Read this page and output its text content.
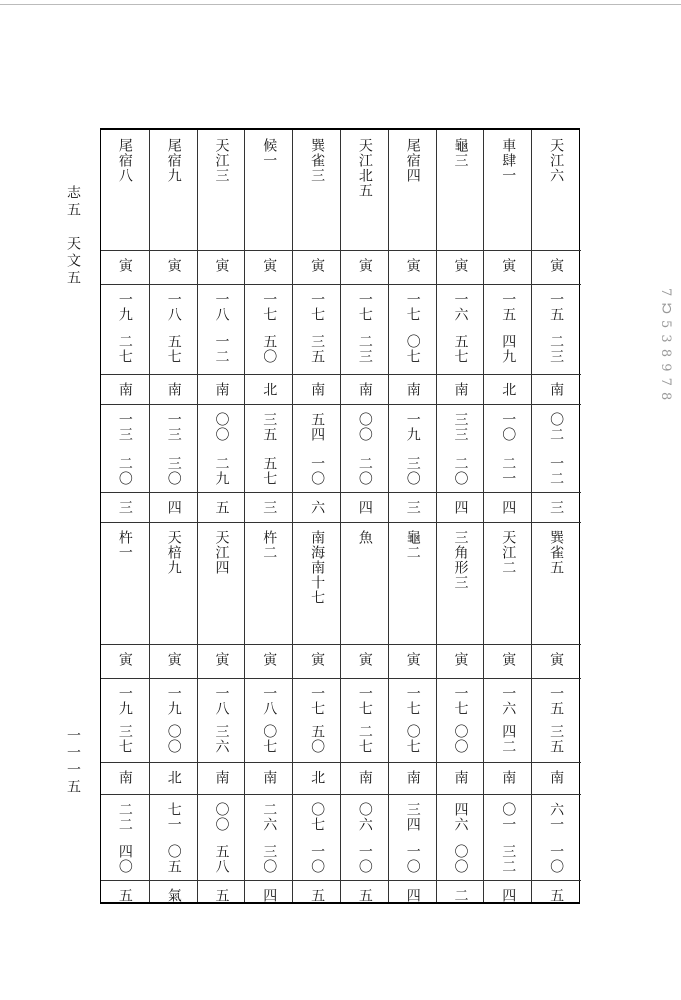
志五　天文五
一一一五
7 𝈀 5 3 8 9 7 8
天江六
寅
一五
二三
南
〇二
一二
三
巽雀五
寅
一五
三五
南
六一
一〇
五
車肆一
寅
一五
四九
北
一〇
二一
四
天江二
寅
一六
四二
南
〇一
三二
四
龜三
寅
一六
五七
南
三三
二〇
四
三角形三
寅
一七
〇〇
南
四六
〇〇
二
尾宿四
寅
一七
〇七
南
一九
三〇
三
龜二
寅
一七
〇七
南
三四
一〇
四
天江北五
寅
一七
二三
南
〇〇
二〇
四
魚
寅
一七
二七
南
〇六
一〇
五
巽雀三
寅
一七
三五
南
五四
一〇
六
南海南十七
寅
一七
五〇
北
〇七
一〇
五
候一
寅
一七
五〇
北
三五
五七
三
杵二
寅
一八
〇七
南
二六
三〇
四
天江三
寅
一八
一二
南
〇〇
二九
五
天江四
寅
一八
三六
南
〇〇
五八
五
尾宿九
寅
一八
五七
南
一三
三〇
四
天棓九
寅
一九
〇〇
北
七一
〇五
氣
尾宿八
寅
一九
二七
南
一三
二〇
三
杵一
寅
一九
三七
南
二二
四〇
五
